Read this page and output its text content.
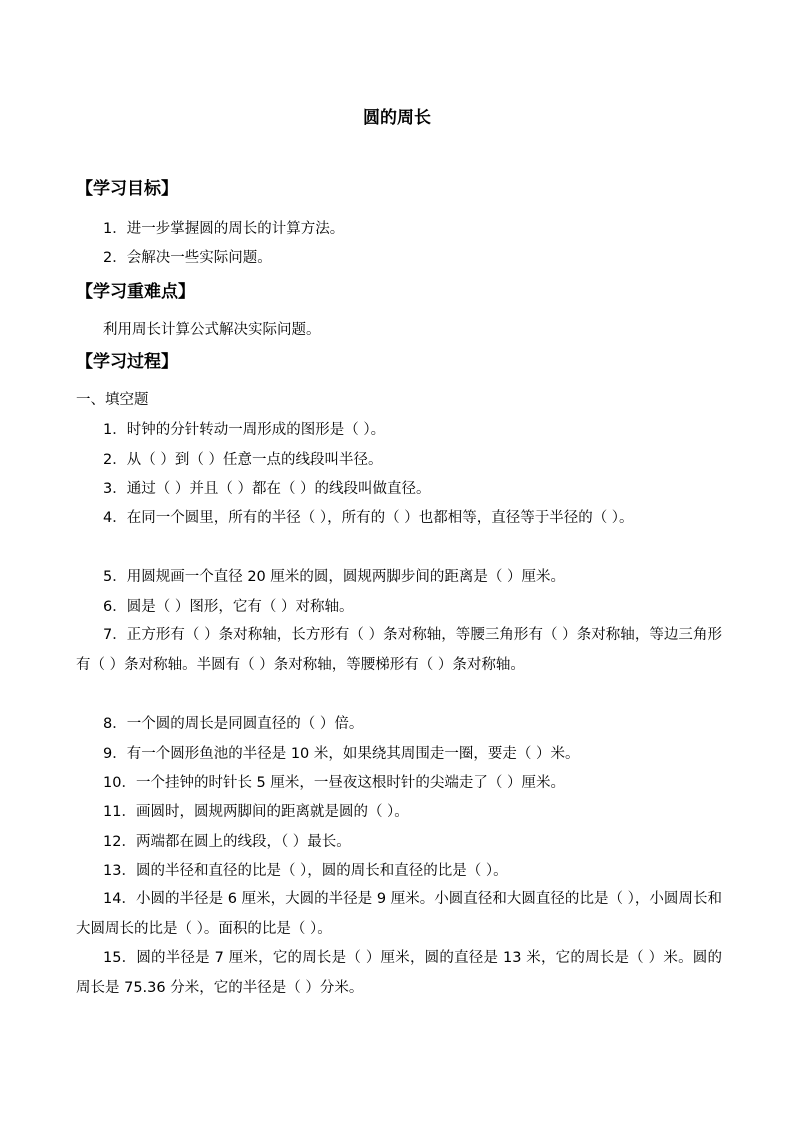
圆的周长
【学习目标】
1．进一步掌握圆的周长的计算方法。
2．会解决一些实际问题。
【学习重难点】
利用周长计算公式解决实际问题。
【学习过程】
一、填空题
1．时钟的分针转动一周形成的图形是（ ）。
2．从（ ）到（ ）任意一点的线段叫半径。
3．通过（ ）并且（ ）都在（ ）的线段叫做直径。
4．在同一个圆里，所有的半径（ ），所有的（ ）也都相等，直径等于半径的（ ）。
5．用圆规画一个直径 20 厘米的圆，圆规两脚步间的距离是（ ）厘米。
6．圆是（ ）图形，它有（ ）对称轴。
7．正方形有（ ）条对称轴，长方形有（ ）条对称轴，等腰三角形有（ ）条对称轴，等边三角形有（ ）条对称轴。半圆有（ ）条对称轴，等腰梯形有（ ）条对称轴。
8．一个圆的周长是同圆直径的（ ）倍。
9．有一个圆形鱼池的半径是 10 米，如果绕其周围走一圈，要走（ ）米。
10．一个挂钟的时针长 5 厘米，一昼夜这根时针的尖端走了（ ）厘米。
11．画圆时，圆规两脚间的距离就是圆的（ ）。
12．两端都在圆上的线段，（ ）最长。
13．圆的半径和直径的比是（ ），圆的周长和直径的比是（ ）。
14．小圆的半径是 6 厘米，大圆的半径是 9 厘米。小圆直径和大圆直径的比是（ ），小圆周长和大圆周长的比是（ ）。面积的比是（ ）。
15．圆的半径是 7 厘米，它的周长是（ ）厘米，圆的直径是 13 米，它的周长是（ ）米。圆的周长是 75.36 分米，它的半径是（ ）分米。
